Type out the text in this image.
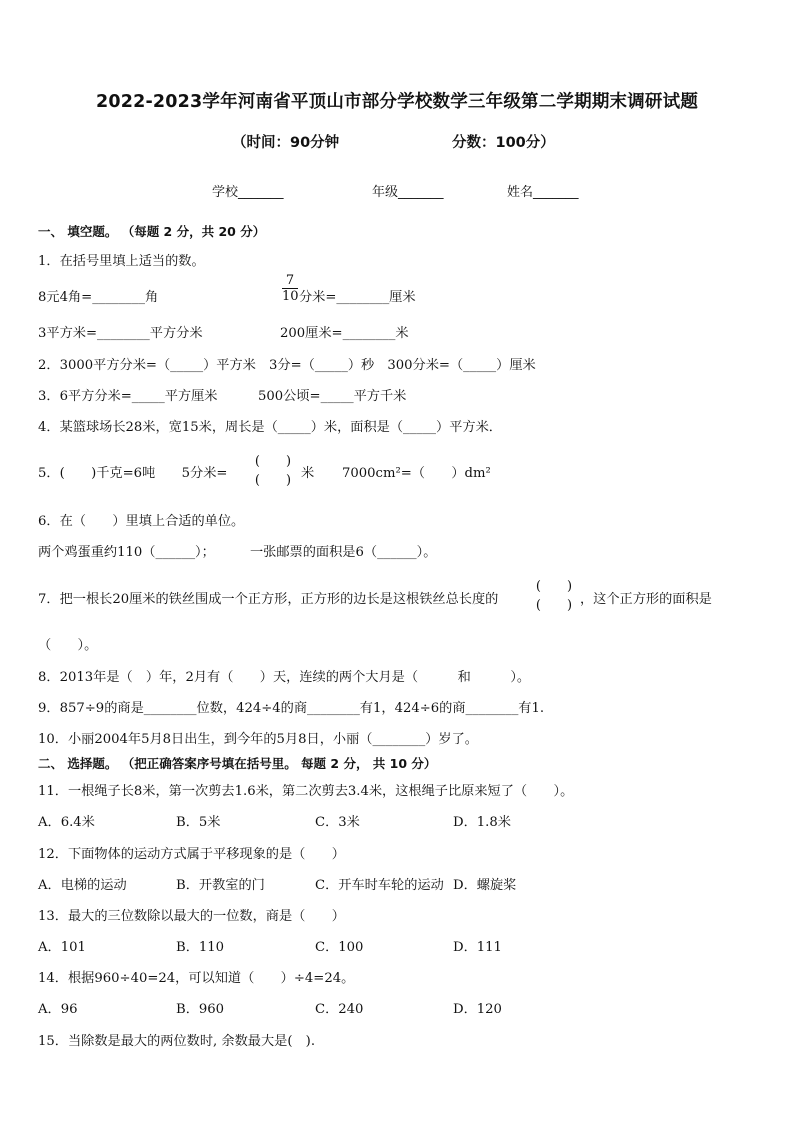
2022-2023学年河南省平顶山市部分学校数学三年级第二学期期末调研试题
（时间：90分钟	分数：100分）
学校_______	年级_______	姓名_______
一、 填空题。 （每题 2 分，共 20 分）
1．在括号里填上适当的数。
8元4角=________角	$\frac{7}{10}$ 分米=________厘米
3平方米=________平方分米	200厘米=________米
2．3000平方分米=（_____）平方米　3分=（_____）秒　300分米=（_____）厘米
3．6平方分米=_____平方厘米	500公顷=_____平方千米
4．某篮球场长28米，宽15米，周长是（_____）米，面积是（_____）平方米．
5．(　　)千克=6吨　　5分米=
(　　)
(　　) 米 7000cm²=（　　）dm²
6．在（　　）里填上合适的单位。
两个鸡蛋重约110（______）；	一张邮票的面积是6（______）。
7．把一根长20厘米的铁丝围成一个正方形，正方形的边长是这根铁丝总长度的
(　　)
(　　) ，这个正方形的面积是
（　　）。
8．2013年是（　）年，2月有（　　）天，连续的两个大月是（　　　和　　　）。
9．857÷9的商是________位数，424÷4的商________有1，424÷6的商________有1.
10．小丽2004年5月8日出生，到今年的5月8日，小丽（________）岁了。
二、 选择题。 （把正确答案序号填在括号里。 每题 2 分， 共 10 分）
11．一根绳子长8米，第一次剪去1.6米，第二次剪去3.4米，这根绳子比原来短了（　　）。
A．6.4米	B．5米	C．3米	D．1.8米
12．下面物体的运动方式属于平移现象的是（　　）
A．电梯的运动	B．开教室的门	C．开车时车轮的运动 D．螺旋桨
13．最大的三位数除以最大的一位数，商是（　　）
A．101	B．110	C．100	D．111
14．根据960÷40=24，可以知道（　　）÷4=24。
A．96	B．960	C．240	D．120
15．当除数是最大的两位数时, 余数最大是(　).
